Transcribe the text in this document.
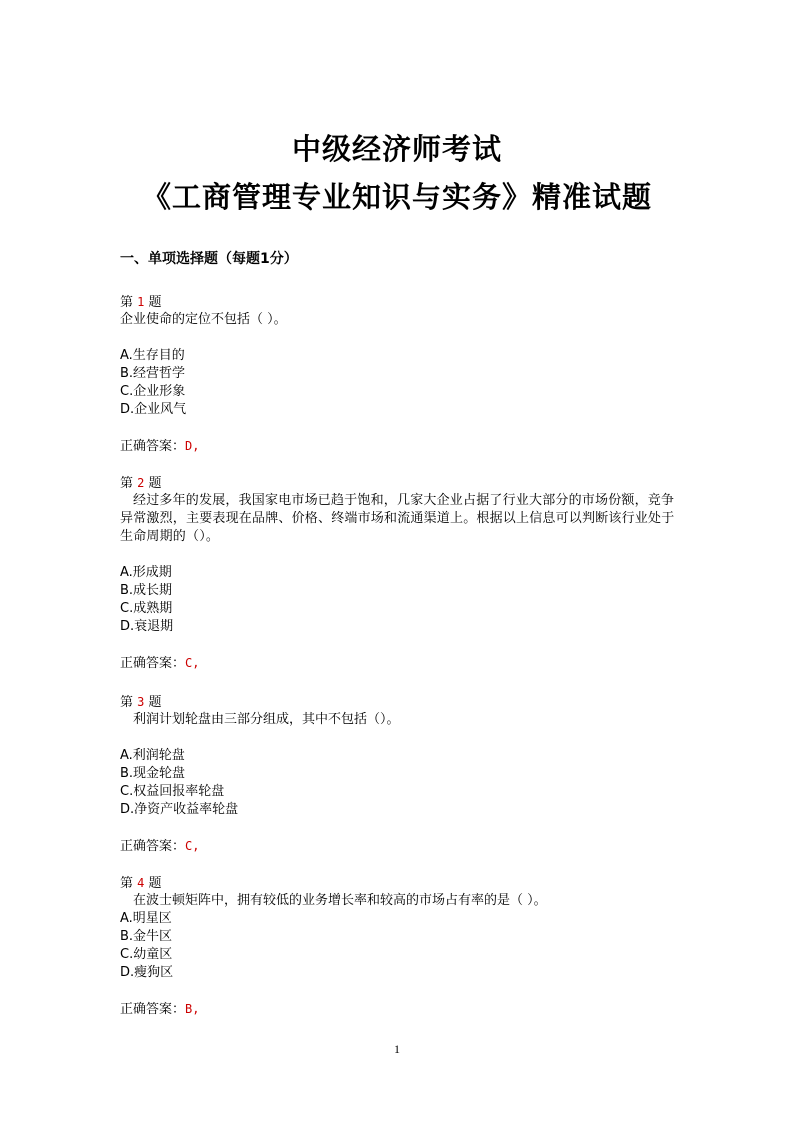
中级经济师考试
《工商管理专业知识与实务》精准试题
一、单项选择题（每题1分）
第 1 题
企业使命的定位不包括（ ）。
A.生存目的
B.经营哲学
C.企业形象
D.企业风气
正确答案：D,
第 2 题
经过多年的发展，我国家电市场已趋于饱和，几家大企业占据了行业大部分的市场份额，竞争异常激烈，主要表现在品牌、价格、终端市场和流通渠道上。根据以上信息可以判断该行业处于生命周期的（）。
A.形成期
B.成长期
C.成熟期
D.衰退期
正确答案：C,
第 3 题
利润计划轮盘由三部分组成，其中不包括（）。
A.利润轮盘
B.现金轮盘
C.权益回报率轮盘
D.净资产收益率轮盘
正确答案：C,
第 4 题
在波士顿矩阵中，拥有较低的业务增长率和较高的市场占有率的是（ ）。
A.明星区
B.金牛区
C.幼童区
D.瘦狗区
正确答案：B,
1
